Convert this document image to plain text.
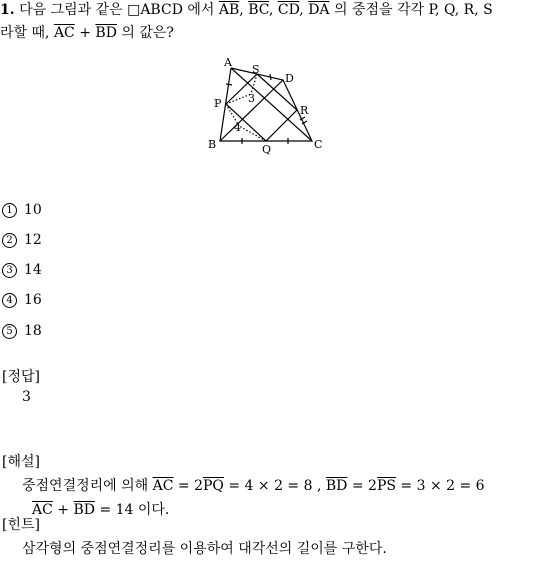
1. 다음 그림과 같은 □ABCD 에서 $\overline{AB}$, $\overline{BC}$, $\overline{CD}$, $\overline{DA}$ 의 중점을 각각 P, Q, R, S
라할 때, $\overline{AC} + \overline{BD}$ 의 값은?
A
S
D
P
R
B	Q	C
3
4
1 10
2 12
3 14
4 16
5 18
[정답]
3
[해설]
중점연결정리에 의해 $\overline{AC} = 2\overline{PQ} = 4 \times 2 = 8$ , $\overline{BD} = 2\overline{PS} = 3 \times 2 = 6$
$\overline{AC} + \overline{BD} = 14$ 이다.
[힌트]
삼각형의 중점연결정리를 이용하여 대각선의 길이를 구한다.
